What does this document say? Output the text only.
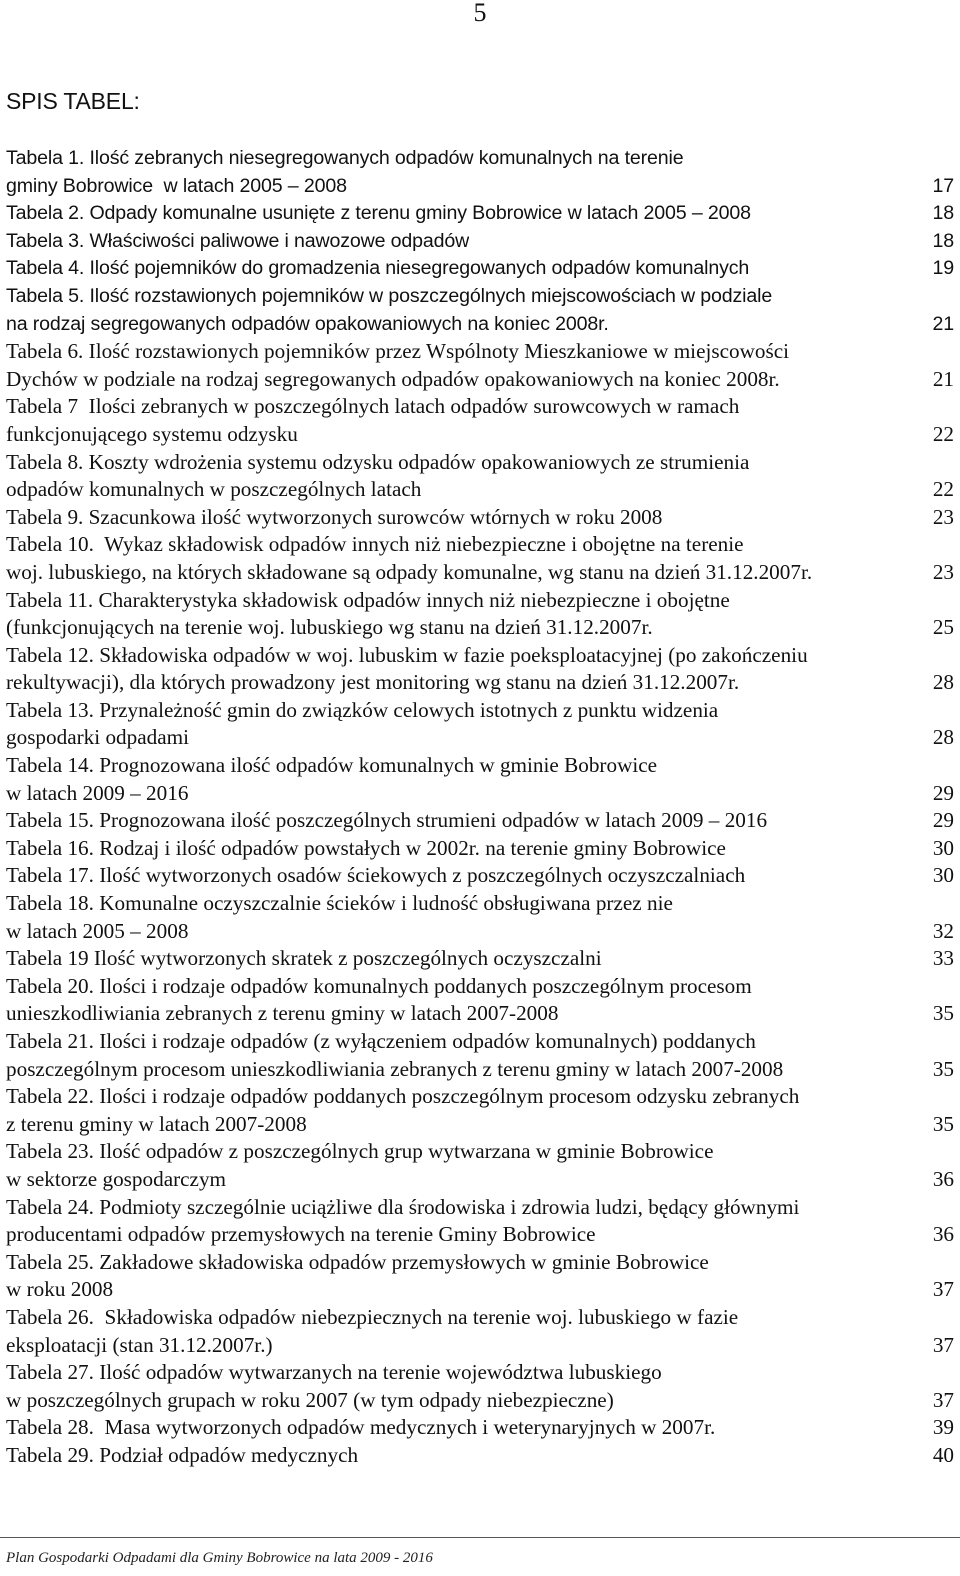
5
SPIS TABEL:
Tabela 1. Ilość zebranych niesegregowanych odpadów komunalnych na terenie
gminy Bobrowice  w latach 2005 – 2008	17
Tabela 2. Odpady komunalne usunięte z terenu gminy Bobrowice w latach 2005 – 2008	18
Tabela 3. Właściwości paliwowe i nawozowe odpadów	18
Tabela 4. Ilość pojemników do gromadzenia niesegregowanych odpadów komunalnych	19
Tabela 5. Ilość rozstawionych pojemników w poszczególnych miejscowościach w podziale
na rodzaj segregowanych odpadów opakowaniowych na koniec 2008r.	21
Tabela 6. Ilość rozstawionych pojemników przez Wspólnoty Mieszkaniowe w miejscowości
Dychów w podziale na rodzaj segregowanych odpadów opakowaniowych na koniec 2008r.	21
Tabela 7  Ilości zebranych w poszczególnych latach odpadów surowcowych w ramach
funkcjonującego systemu odzysku	22
Tabela 8. Koszty wdrożenia systemu odzysku odpadów opakowaniowych ze strumienia
odpadów komunalnych w poszczególnych latach	22
Tabela 9. Szacunkowa ilość wytworzonych surowców wtórnych w roku 2008	23
Tabela 10.  Wykaz składowisk odpadów innych niż niebezpieczne i obojętne na terenie
woj. lubuskiego, na których składowane są odpady komunalne, wg stanu na dzień 31.12.2007r.	23
Tabela 11. Charakterystyka składowisk odpadów innych niż niebezpieczne i obojętne
(funkcjonujących na terenie woj. lubuskiego wg stanu na dzień 31.12.2007r.	25
Tabela 12. Składowiska odpadów w woj. lubuskim w fazie poeksploatacyjnej (po zakończeniu
rekultywacji), dla których prowadzony jest monitoring wg stanu na dzień 31.12.2007r.	28
Tabela 13. Przynależność gmin do związków celowych istotnych z punktu widzenia
gospodarki odpadami	28
Tabela 14. Prognozowana ilość odpadów komunalnych w gminie Bobrowice
w latach 2009 – 2016	29
Tabela 15. Prognozowana ilość poszczególnych strumieni odpadów w latach 2009 – 2016	29
Tabela 16. Rodzaj i ilość odpadów powstałych w 2002r. na terenie gminy Bobrowice	30
Tabela 17. Ilość wytworzonych osadów ściekowych z poszczególnych oczyszczalniach	30
Tabela 18. Komunalne oczyszczalnie ścieków i ludność obsługiwana przez nie
w latach 2005 – 2008	32
Tabela 19 Ilość wytworzonych skratek z poszczególnych oczyszczalni	33
Tabela 20. Ilości i rodzaje odpadów komunalnych poddanych poszczególnym procesom
unieszkodliwiania zebranych z terenu gminy w latach 2007-2008	35
Tabela 21. Ilości i rodzaje odpadów (z wyłączeniem odpadów komunalnych) poddanych
poszczególnym procesom unieszkodliwiania zebranych z terenu gminy w latach 2007-2008	35
Tabela 22. Ilości i rodzaje odpadów poddanych poszczególnym procesom odzysku zebranych
z terenu gminy w latach 2007-2008	35
Tabela 23. Ilość odpadów z poszczególnych grup wytwarzana w gminie Bobrowice
w sektorze gospodarczym	36
Tabela 24. Podmioty szczególnie uciążliwe dla środowiska i zdrowia ludzi, będący głównymi
producentami odpadów przemysłowych na terenie Gminy Bobrowice	36
Tabela 25. Zakładowe składowiska odpadów przemysłowych w gminie Bobrowice
w roku 2008	37
Tabela 26.  Składowiska odpadów niebezpiecznych na terenie woj. lubuskiego w fazie
eksploatacji (stan 31.12.2007r.)	37
Tabela 27. Ilość odpadów wytwarzanych na terenie województwa lubuskiego
w poszczególnych grupach w roku 2007 (w tym odpady niebezpieczne)	37
Tabela 28.  Masa wytworzonych odpadów medycznych i weterynaryjnych w 2007r.	39
Tabela 29. Podział odpadów medycznych	40
Plan Gospodarki Odpadami dla Gminy Bobrowice na lata 2009 - 2016
